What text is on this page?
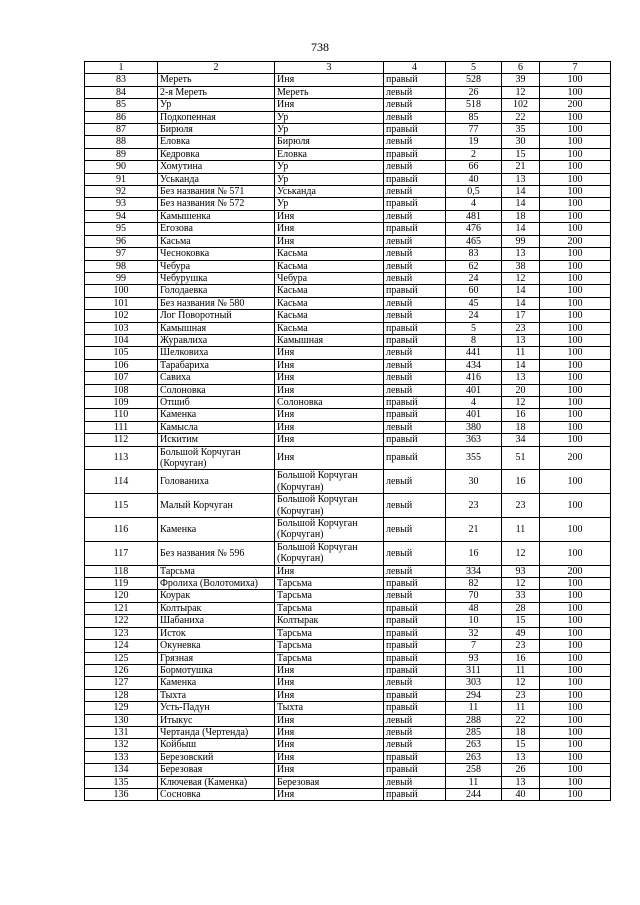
738
1	2	3	4	5	6	7
83	Мереть	Иня	правый	528	39	100
84	2-я Мереть	Мереть	левый	26	12	100
85	Ур	Иня	левый	518	102	200
86	Подкопенная	Ур	левый	85	22	100
87	Бирюля	Ур	правый	77	35	100
88	Еловка	Бирюля	левый	19	30	100
89	Кедровка	Еловка	правый	2	15	100
90	Хомутина	Ур	левый	66	21	100
91	Уськанда	Ур	правый	40	13	100
92	Без названия № 571	Уськанда	левый	0,5	14	100
93	Без названия № 572	Ур	правый	4	14	100
94	Камышенка	Иня	левый	481	18	100
95	Егозова	Иня	правый	476	14	100
96	Касьма	Иня	левый	465	99	200
97	Чесноковка	Касьма	левый	83	13	100
98	Чебура	Касьма	левый	62	38	100
99	Чебурушка	Чебура	левый	24	12	100
100	Голодаевка	Касьма	правый	60	14	100
101	Без названия № 580	Касьма	левый	45	14	100
102	Лог Поворотный	Касьма	левый	24	17	100
103	Камышная	Касьма	правый	5	23	100
104	Журавлиха	Камышная	правый	8	13	100
105	Шелковиха	Иня	левый	441	11	100
106	Тарабариха	Иня	левый	434	14	100
107	Савиха	Иня	левый	416	13	100
108	Солоновка	Иня	левый	401	20	100
109	Отшиб	Солоновка	правый	4	12	100
110	Каменка	Иня	правый	401	16	100
111	Камысла	Иня	левый	380	18	100
112	Искитим	Иня	правый	363	34	100
113	Большой Корчуган
(Корчуган)	Иня	правый	355	51	200
114	Голованиха	Большой Корчуган
(Корчуган)	левый	30	16	100
115	Малый Корчуган	Большой Корчуган
(Корчуган)	левый	23	23	100
116	Каменка	Большой Корчуган
(Корчуган)	левый	21	11	100
117	Без названия № 596	Большой Корчуган
(Корчуган)	левый	16	12	100
118	Тарсьма	Иня	левый	334	93	200
119	Фролиха (Волотомиха)	Тарсьма	правый	82	12	100
120	Коурак	Тарсьма	левый	70	33	100
121	Колтырак	Тарсьма	правый	48	28	100
122	Шабаниха	Колтырак	правый	10	15	100
123	Исток	Тарсьма	правый	32	49	100
124	Окуневка	Тарсьма	правый	7	23	100
125	Грязная	Тарсьма	правый	93	16	100
126	Бормотушка	Иня	правый	311	11	100
127	Каменка	Иня	левый	303	12	100
128	Тыхта	Иня	правый	294	23	100
129	Усть-Падун	Тыхта	правый	11	11	100
130	Итыкус	Иня	левый	288	22	100
131	Чертанда (Чертенда)	Иня	левый	285	18	100
132	Койбыш	Иня	левый	263	15	100
133	Березовский	Иня	правый	263	13	100
134	Березовая	Иня	правый	258	26	100
135	Ключевая (Каменка)	Березовая	левый	11	13	100
136	Сосновка	Иня	правый	244	40	100
